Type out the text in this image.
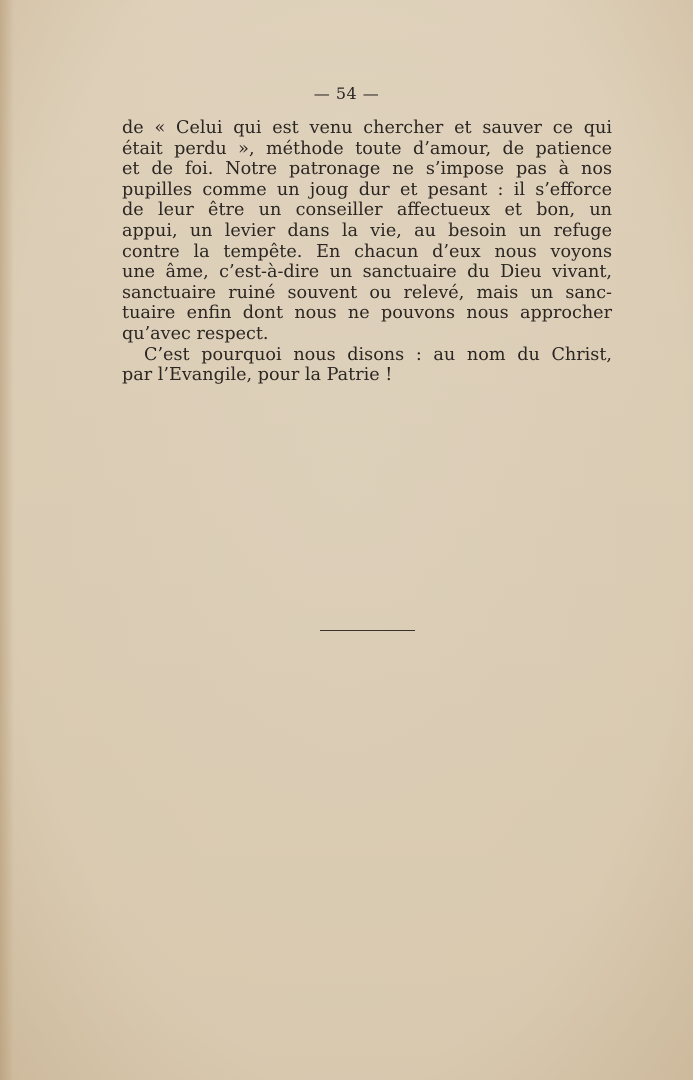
— 54 —
de « Celui qui est venu chercher et sauver ce qui
était perdu », méthode toute d’amour, de patience
et de foi. Notre patronage ne s’impose pas à nos
pupilles comme un joug dur et pesant : il s’efforce
de leur être un conseiller affectueux et bon, un
appui, un levier dans la vie, au besoin un refuge
contre la tempête. En chacun d’eux nous voyons
une âme, c’est-à-dire un sanctuaire du Dieu vivant,
sanctuaire ruiné souvent ou relevé, mais un sanc-
tuaire enfin dont nous ne pouvons nous approcher
qu’avec respect.
C’est pourquoi nous disons : au nom du Christ,
par l’Evangile, pour la Patrie !
